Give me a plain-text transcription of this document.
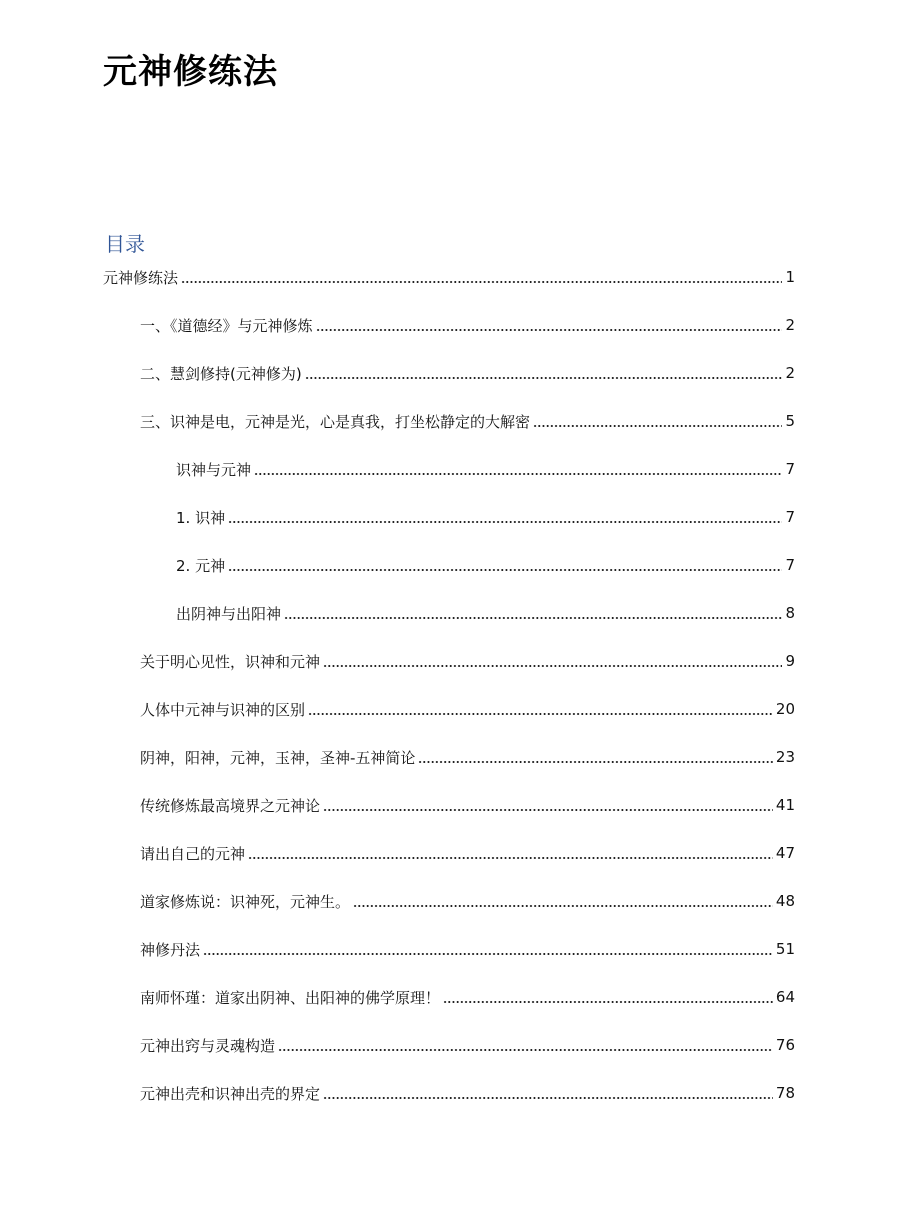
元神修练法
目录
元神修练法	1
一、《道德经》与元神修炼	2
二、慧剑修持(元神修为)	2
三、识神是电，元神是光，心是真我，打坐松静定的大解密	5
识神与元神	7
1. 识神	7
2. 元神	7
出阴神与出阳神	8
关于明心见性，识神和元神	9
人体中元神与识神的区别	20
阴神，阳神，元神，玉神，圣神-五神简论	23
传统修炼最高境界之元神论	41
请出自己的元神	47
道家修炼说：识神死，元神生。	48
神修丹法	51
南师怀瑾：道家出阴神、出阳神的佛学原理！	64
元神出窍与灵魂构造	76
元神出壳和识神出壳的界定	78
